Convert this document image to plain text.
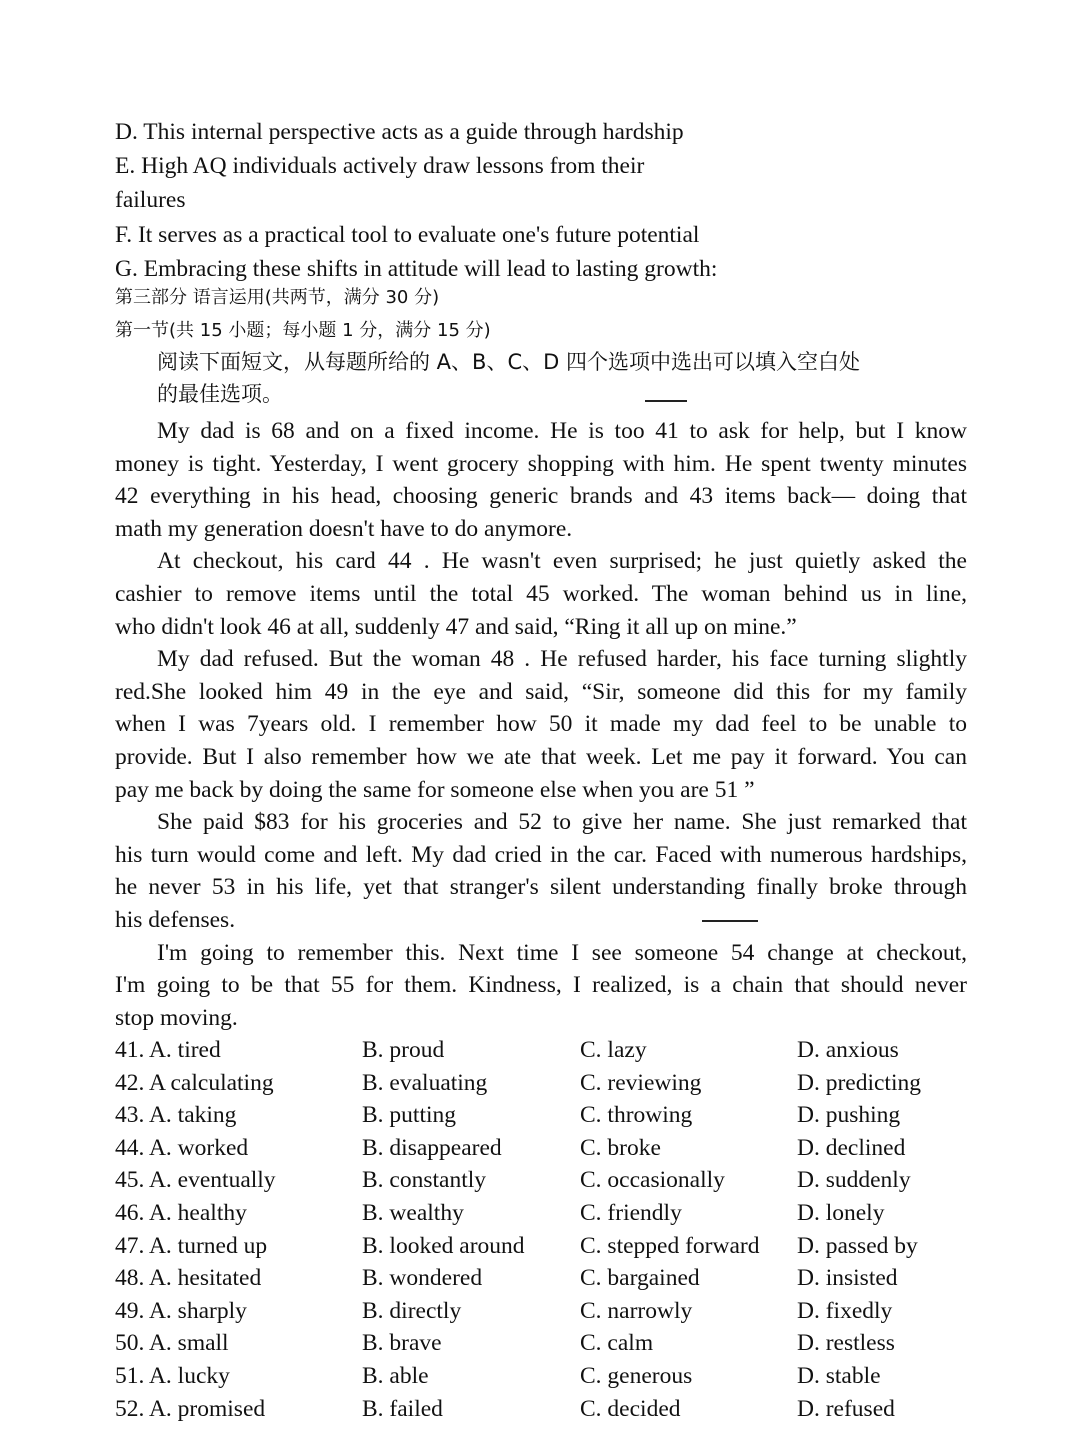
D. This internal perspective acts as a guide through hardship
E. High AQ individuals actively draw lessons from their
failures
F. It serves as a practical tool to evaluate one's future potential
G. Embracing these shifts in attitude will lead to lasting growth:
第三部分 语言运用(共两节，满分 30 分)
第一节(共 15 小题；每小题 1 分，满分 15 分)
阅读下面短文，从每题所给的 A、B、C、D 四个选项中选出可以填入空白处
的最佳选项。
My dad is 68 and on a fixed income. He is too 41 to ask for help, but I know
money is tight. Yesterday, I went grocery shopping with him. He spent twenty minutes
42 everything in his head, choosing generic brands and 43 items back— doing that
math my generation doesn't have to do anymore.
At checkout, his card 44 . He wasn't even surprised; he just quietly asked the
cashier to remove items until the total 45 worked. The woman behind us in line,
who didn't look 46 at all, suddenly 47 and said, “Ring it all up on mine.”
My dad refused. But the woman 48 . He refused harder, his face turning slightly
red.She looked him 49 in the eye and said, “Sir, someone did this for my family
when I was 7years old. I remember how 50 it made my dad feel to be unable to
provide. But I also remember how we ate that week. Let me pay it forward. You can
pay me back by doing the same for someone else when you are 51 ”
She paid $83 for his groceries and 52 to give her name. She just remarked that
his turn would come and left. My dad cried in the car. Faced with numerous hardships,
he never 53 in his life, yet that stranger's silent understanding finally broke through
his defenses.
I'm going to remember this. Next time I see someone 54 change at checkout,
I'm going to be that 55 for them. Kindness, I realized, is a chain that should never
stop moving.
41. A. tired	B. proud	C. lazy	D. anxious
42. A calculating	B. evaluating	C. reviewing	D. predicting
43. A. taking	B. putting	C. throwing	D. pushing
44. A. worked	B. disappeared	C. broke	D. declined
45. A. eventually	B. constantly	C. occasionally	D. suddenly
46. A. healthy	B. wealthy	C. friendly	D. lonely
47. A. turned up	B. looked around C. stepped forward D. passed by
48. A. hesitated	B. wondered	C. bargained	D. insisted
49. A. sharply	B. directly	C. narrowly	D. fixedly
50. A. small	B. brave	C. calm	D. restless
51. A. lucky	B. able	C. generous	D. stable
52. A. promised	B. failed	C. decided	D. refused
